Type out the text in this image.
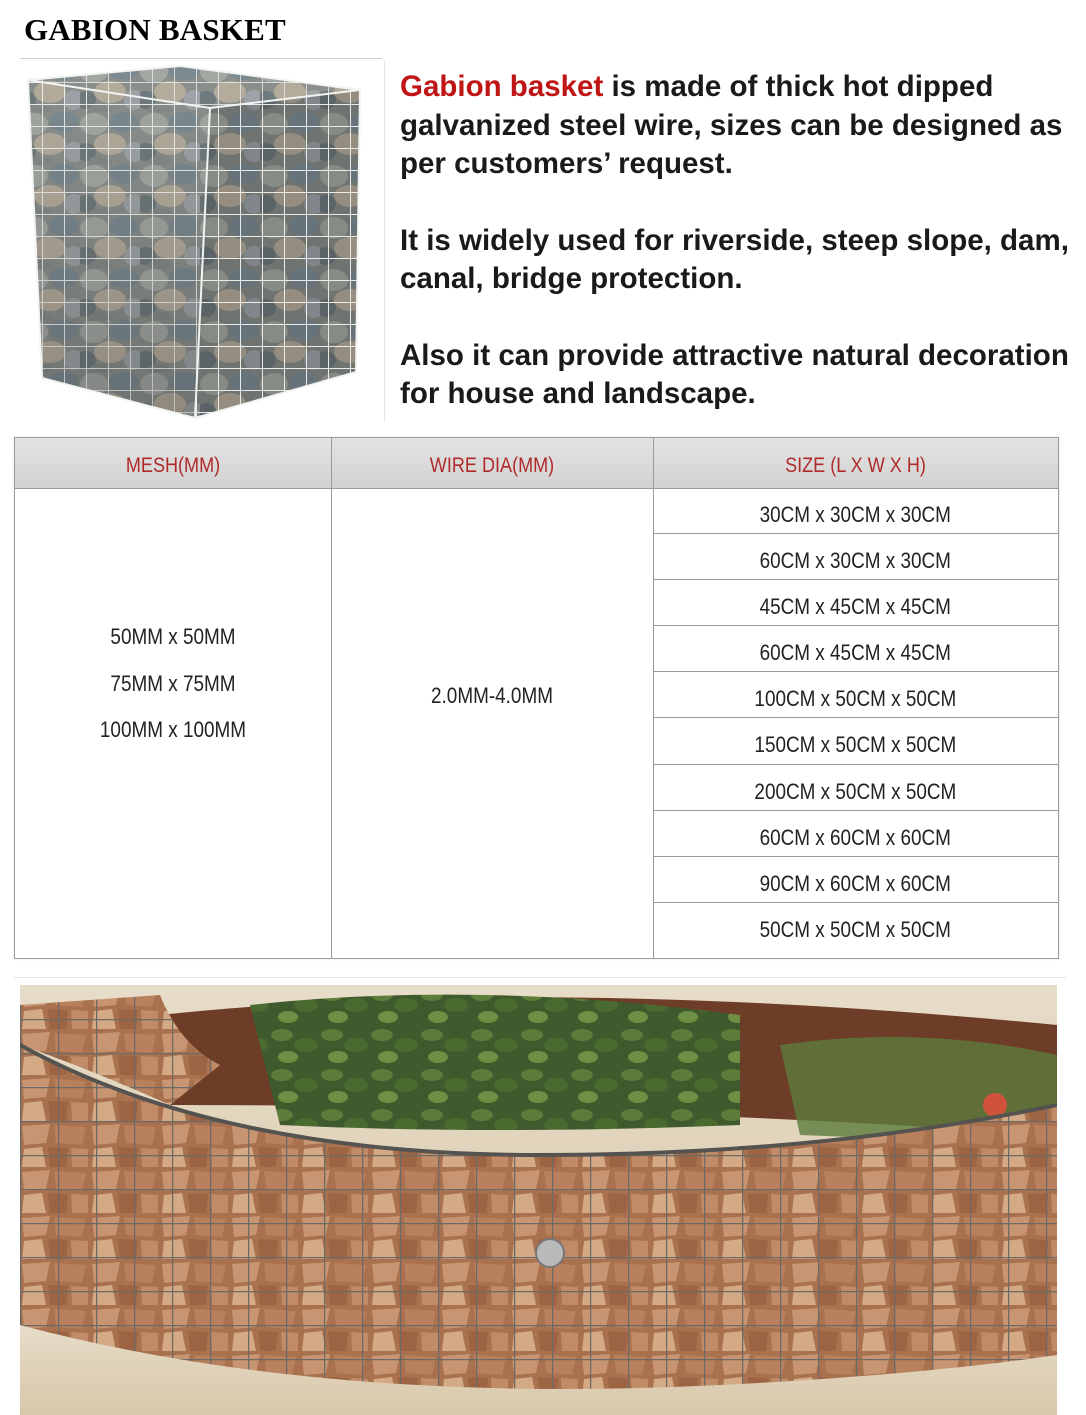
GABION BASKET

Gabion basket is made of thick hot dipped galvanized steel wire, sizes can be designed as per customers’ request.

It is widely used for riverside, steep slope, dam, canal, bridge protection.

Also it can provide attractive natural decoration for house and landscape.

MESH(MM)	WIRE DIA(MM)	SIZE (L X W X H)
50MM x 50MM
75MM x 75MM
100MM x 100MM
2.0MM-4.0MM
30CM x 30CM x 30CM
60CM x 30CM x 30CM
45CM x 45CM x 45CM
60CM x 45CM x 45CM
100CM x 50CM x 50CM
150CM x 50CM x 50CM
200CM x 50CM x 50CM
60CM x 60CM x 60CM
90CM x 60CM x 60CM
50CM x 50CM x 50CM
